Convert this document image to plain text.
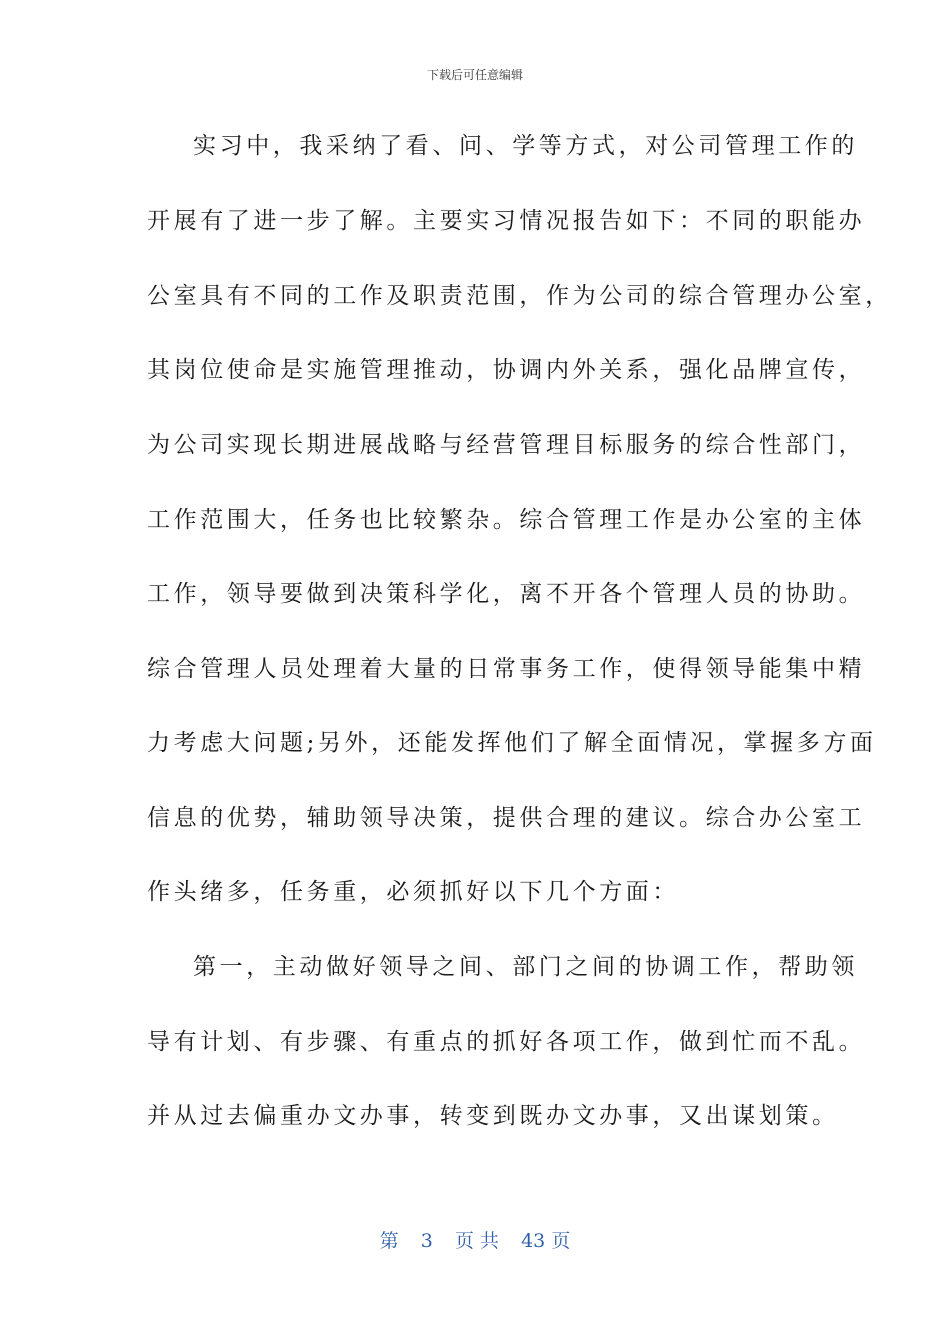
下载后可任意编辑
实习中，我采纳了看、问、学等方式，对公司管理工作的
开展有了进一步了解。主要实习情况报告如下：不同的职能办
公室具有不同的工作及职责范围，作为公司的综合管理办公室，
其岗位使命是实施管理推动，协调内外关系，强化品牌宣传，
为公司实现长期进展战略与经营管理目标服务的综合性部门，
工作范围大，任务也比较繁杂。综合管理工作是办公室的主体
工作，领导要做到决策科学化，离不开各个管理人员的协助。
综合管理人员处理着大量的日常事务工作，使得领导能集中精
力考虑大问题;另外，还能发挥他们了解全面情况，掌握多方面
信息的优势，辅助领导决策，提供合理的建议。综合办公室工
作头绪多，任务重，必须抓好以下几个方面：
第一，主动做好领导之间、部门之间的协调工作，帮助领
导有计划、有步骤、有重点的抓好各项工作，做到忙而不乱。
并从过去偏重办文办事，转变到既办文办事，又出谋划策。
第 3 页 共 43 页
